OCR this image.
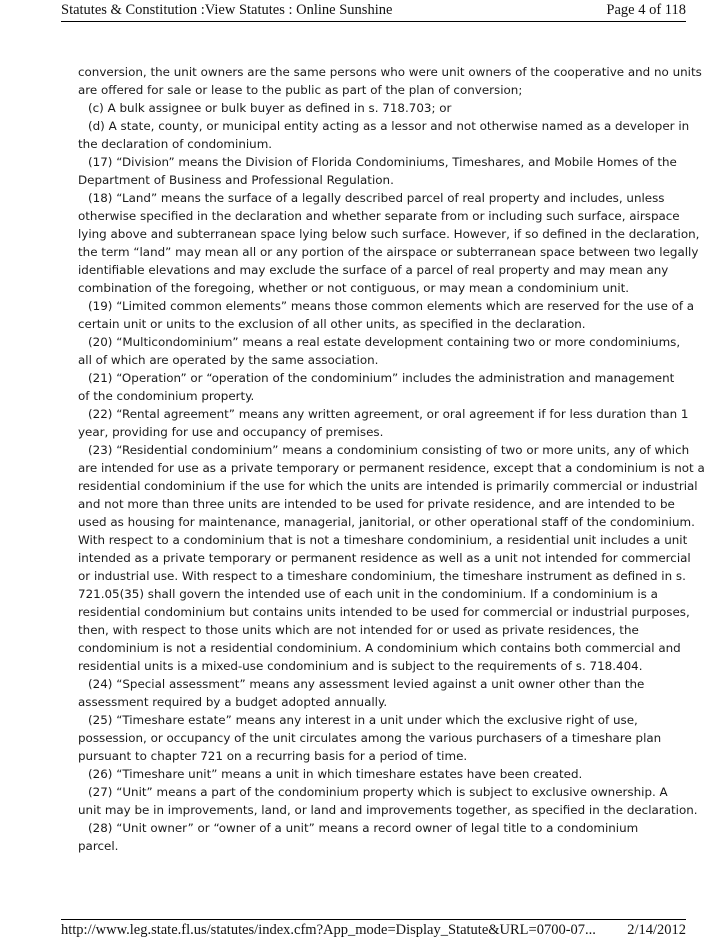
Statutes & Constitution :View Statutes : Online Sunshine	Page 4 of 118
conversion, the unit owners are the same persons who were unit owners of the cooperative and no units
are offered for sale or lease to the public as part of the plan of conversion;
(c) A bulk assignee or bulk buyer as defined in s. 718.703; or
(d) A state, county, or municipal entity acting as a lessor and not otherwise named as a developer in
the declaration of condominium.
(17) “Division” means the Division of Florida Condominiums, Timeshares, and Mobile Homes of the
Department of Business and Professional Regulation.
(18) “Land” means the surface of a legally described parcel of real property and includes, unless
otherwise specified in the declaration and whether separate from or including such surface, airspace
lying above and subterranean space lying below such surface. However, if so defined in the declaration,
the term “land” may mean all or any portion of the airspace or subterranean space between two legally
identifiable elevations and may exclude the surface of a parcel of real property and may mean any
combination of the foregoing, whether or not contiguous, or may mean a condominium unit.
(19) “Limited common elements” means those common elements which are reserved for the use of a
certain unit or units to the exclusion of all other units, as specified in the declaration.
(20) “Multicondominium” means a real estate development containing two or more condominiums,
all of which are operated by the same association.
(21) “Operation” or “operation of the condominium” includes the administration and management
of the condominium property.
(22) “Rental agreement” means any written agreement, or oral agreement if for less duration than 1
year, providing for use and occupancy of premises.
(23) “Residential condominium” means a condominium consisting of two or more units, any of which
are intended for use as a private temporary or permanent residence, except that a condominium is not a
residential condominium if the use for which the units are intended is primarily commercial or industrial
and not more than three units are intended to be used for private residence, and are intended to be
used as housing for maintenance, managerial, janitorial, or other operational staff of the condominium.
With respect to a condominium that is not a timeshare condominium, a residential unit includes a unit
intended as a private temporary or permanent residence as well as a unit not intended for commercial
or industrial use. With respect to a timeshare condominium, the timeshare instrument as defined in s.
721.05(35) shall govern the intended use of each unit in the condominium. If a condominium is a
residential condominium but contains units intended to be used for commercial or industrial purposes,
then, with respect to those units which are not intended for or used as private residences, the
condominium is not a residential condominium. A condominium which contains both commercial and
residential units is a mixed-use condominium and is subject to the requirements of s. 718.404.
(24) “Special assessment” means any assessment levied against a unit owner other than the
assessment required by a budget adopted annually.
(25) “Timeshare estate” means any interest in a unit under which the exclusive right of use,
possession, or occupancy of the unit circulates among the various purchasers of a timeshare plan
pursuant to chapter 721 on a recurring basis for a period of time.
(26) “Timeshare unit” means a unit in which timeshare estates have been created.
(27) “Unit” means a part of the condominium property which is subject to exclusive ownership. A
unit may be in improvements, land, or land and improvements together, as specified in the declaration.
(28) “Unit owner” or “owner of a unit” means a record owner of legal title to a condominium
parcel.
http://www.leg.state.fl.us/statutes/index.cfm?App_mode=Display_Statute&URL=0700-07... 2/14/2012
